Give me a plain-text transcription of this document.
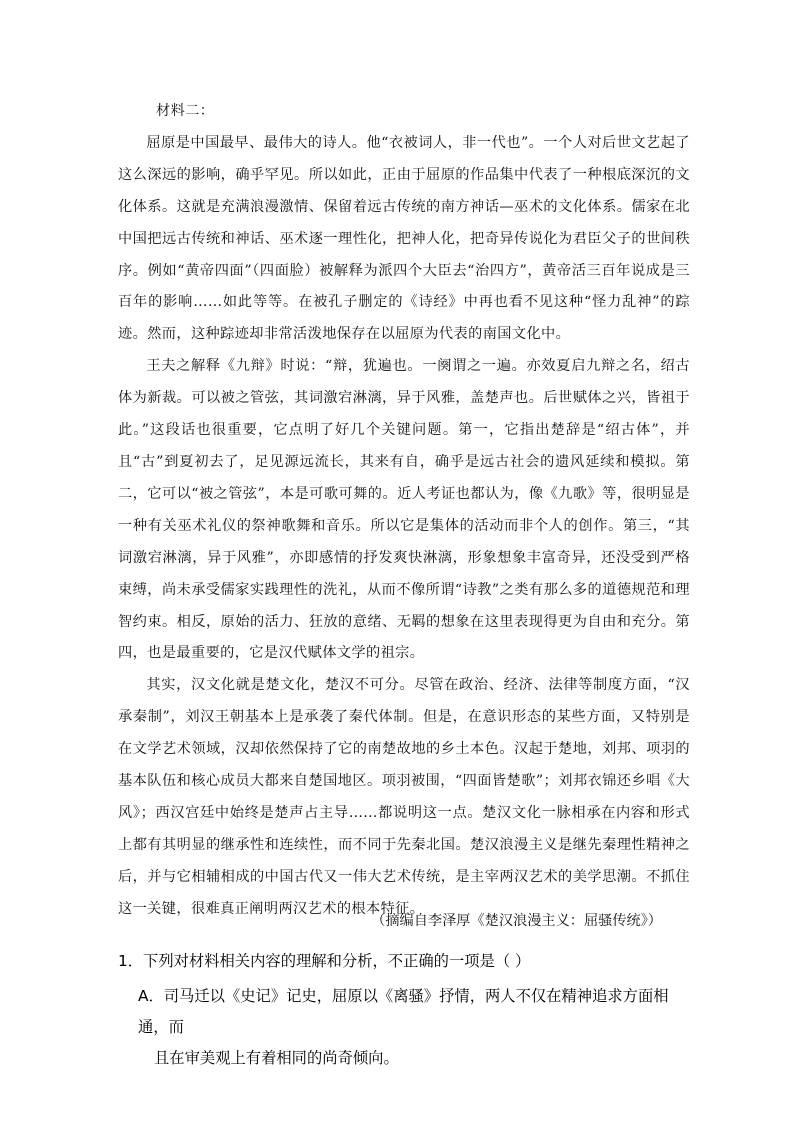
材料二：

屈原是中国最早、最伟大的诗人。他“衣被词人，非一代也”。一个人对后世文艺起了这么深远的影响，确乎罕见。所以如此，正由于屈原的作品集中代表了一种根底深沉的文化体系。这就是充满浪漫激情、保留着远古传统的南方神话—巫术的文化体系。儒家在北中国把远古传统和神话、巫术逐一理性化，把神人化，把奇异传说化为君臣父子的世间秩序。例如“黄帝四面”（四面脸）被解释为派四个大臣去“治四方”，黄帝活三百年说成是三百年的影响……如此等等。在被孔子删定的《诗经》中再也看不见这种“怪力乱神”的踪迹。然而，这种踪迹却非常活泼地保存在以屈原为代表的南国文化中。

王夫之解释《九辩》时说：“辩，犹遍也。一阕谓之一遍。亦效夏启九辩之名，绍古体为新裁。可以被之管弦，其词激宕淋漓，异于风雅，盖楚声也。后世赋体之兴，皆祖于此。”这段话也很重要，它点明了好几个关键问题。第一，它指出楚辞是“绍古体”，并且“古”到夏初去了，足见源远流长，其来有自，确乎是远古社会的遗风延续和模拟。第二，它可以“被之管弦”，本是可歌可舞的。近人考证也都认为，像《九歌》等，很明显是一种有关巫术礼仪的祭神歌舞和音乐。所以它是集体的活动而非个人的创作。第三，“其词激宕淋漓，异于风雅”，亦即感情的抒发爽快淋漓，形象想象丰富奇异，还没受到严格束缚，尚未承受儒家实践理性的洗礼，从而不像所谓“诗教”之类有那么多的道德规范和理智约束。相反，原始的活力、狂放的意绪、无羁的想象在这里表现得更为自由和充分。第四，也是最重要的，它是汉代赋体文学的祖宗。

其实，汉文化就是楚文化，楚汉不可分。尽管在政治、经济、法律等制度方面，“汉承秦制”，刘汉王朝基本上是承袭了秦代体制。但是，在意识形态的某些方面，又特别是在文学艺术领域，汉却依然保持了它的南楚故地的乡土本色。汉起于楚地，刘邦、项羽的基本队伍和核心成员大都来自楚国地区。项羽被围，“四面皆楚歌”；刘邦衣锦还乡唱《大风》；西汉宫廷中始终是楚声占主导……都说明这一点。楚汉文化一脉相承在内容和形式上都有其明显的继承性和连续性，而不同于先秦北国。楚汉浪漫主义是继先秦理性精神之后，并与它相辅相成的中国古代又一伟大艺术传统，是主宰两汉艺术的美学思潮。不抓住这一关键，很难真正阐明两汉艺术的根本特征。

（摘编自李泽厚《楚汉浪漫主义：屈骚传统》）

1．下列对材料相关内容的理解和分析，不正确的一项是（ ）

A．司马迁以《史记》记史，屈原以《离骚》抒情，两人不仅在精神追求方面相通，而
且在审美观上有着相同的尚奇倾向。
